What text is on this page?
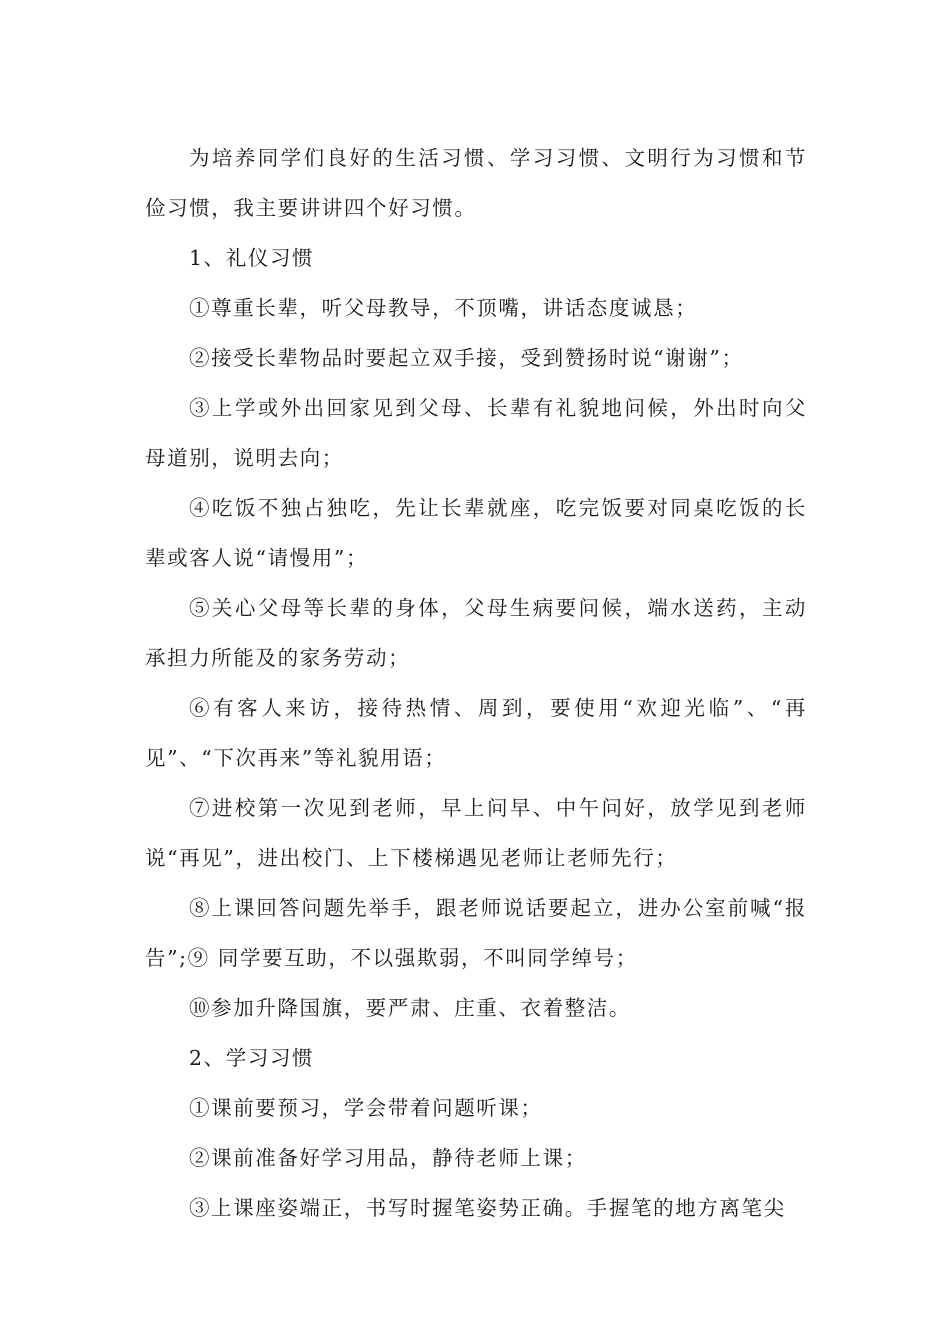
为培养同学们良好的生活习惯、学习习惯、文明行为习惯和节俭习惯，我主要讲讲四个好习惯。

1、礼仪习惯

①尊重长辈，听父母教导，不顶嘴，讲话态度诚恳；

②接受长辈物品时要起立双手接，受到赞扬时说“谢谢”；

③上学或外出回家见到父母、长辈有礼貌地问候，外出时向父母道别，说明去向；

④吃饭不独占独吃，先让长辈就座，吃完饭要对同桌吃饭的长辈或客人说“请慢用”；

⑤关心父母等长辈的身体，父母生病要问候，端水送药，主动承担力所能及的家务劳动；

⑥有客人来访，接待热情、周到，要使用“欢迎光临”、“再见”、“下次再来”等礼貌用语；

⑦进校第一次见到老师，早上问早、中午问好，放学见到老师说“再见”，进出校门、上下楼梯遇见老师让老师先行；

⑧上课回答问题先举手，跟老师说话要起立，进办公室前喊“报告”;⑨ 同学要互助，不以强欺弱，不叫同学绰号；

⑩参加升降国旗，要严肃、庄重、衣着整洁。

2、学习习惯

①课前要预习，学会带着问题听课；

②课前准备好学习用品，静待老师上课；

③上课座姿端正，书写时握笔姿势正确。手握笔的地方离笔尖
